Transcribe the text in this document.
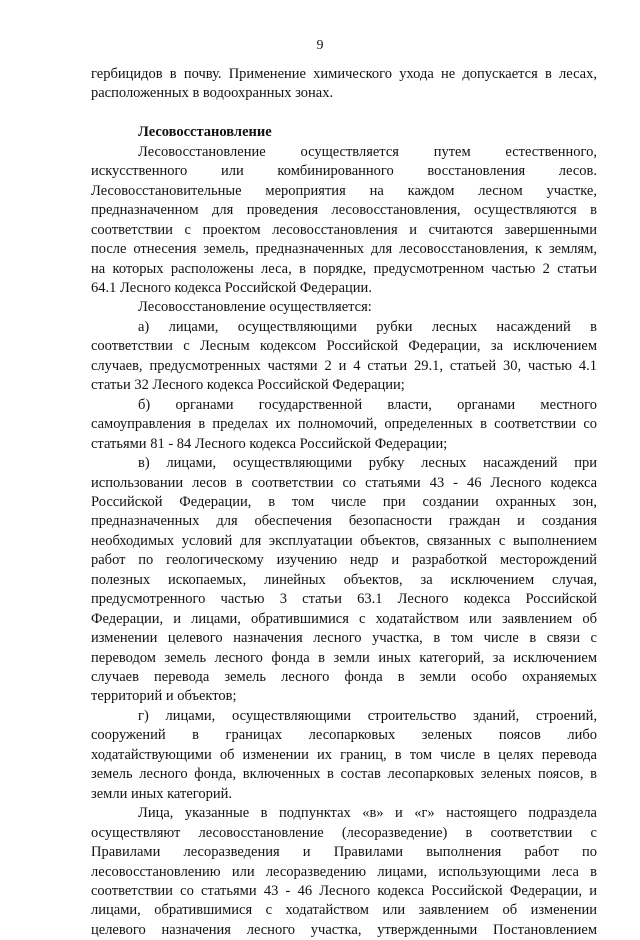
9

гербицидов в почву. Применение химического ухода не допускается в лесах,

расположенных в водоохранных зонах.

Лесовосстановление

Лесовосстановление осуществляется путем естественного,

искусственного или комбинированного восстановления лесов.

Лесовосстановительные мероприятия на каждом лесном участке,

предназначенном для проведения лесовосстановления, осуществляются в

соответствии с проектом лесовосстановления и считаются завершенными

после отнесения земель, предназначенных для лесовосстановления, к землям,

на которых расположены леса, в порядке, предусмотренном частью 2 статьи

64.1 Лесного кодекса Российской Федерации.

Лесовосстановление осуществляется:

а) лицами, осуществляющими рубки лесных насаждений в

соответствии с Лесным кодексом Российской Федерации, за исключением

случаев, предусмотренных частями 2 и 4 статьи 29.1, статьей 30, частью 4.1

статьи 32 Лесного кодекса Российской Федерации;

б) органами государственной власти, органами местного

самоуправления в пределах их полномочий, определенных в соответствии со

статьями 81 - 84 Лесного кодекса Российской Федерации;

в) лицами, осуществляющими рубку лесных насаждений при

использовании лесов в соответствии со статьями 43 - 46 Лесного кодекса

Российской Федерации, в том числе при создании охранных зон,

предназначенных для обеспечения безопасности граждан и создания

необходимых условий для эксплуатации объектов, связанных с выполнением

работ по геологическому изучению недр и разработкой месторождений

полезных ископаемых, линейных объектов, за исключением случая,

предусмотренного частью 3 статьи 63.1 Лесного кодекса Российской

Федерации, и лицами, обратившимися с ходатайством или заявлением об

изменении целевого назначения лесного участка, в том числе в связи с

переводом земель лесного фонда в земли иных категорий, за исключением

случаев перевода земель лесного фонда в земли особо охраняемых

территорий и объектов;

г) лицами, осуществляющими строительство зданий, строений,

сооружений в границах лесопарковых зеленых поясов либо

ходатайствующими об изменении их границ, в том числе в целях перевода

земель лесного фонда, включенных в состав лесопарковых зеленых поясов, в

земли иных категорий.

Лица, указанные в подпунктах «в» и «г» настоящего подраздела

осуществляют лесовосстановление (лесоразведение) в соответствии с

Правилами лесоразведения и Правилами выполнения работ по

лесовосстановлению или лесоразведению лицами, использующими леса в

соответствии со статьями 43 - 46 Лесного кодекса Российской Федерации, и

лицами, обратившимися с ходатайством или заявлением об изменении

целевого назначения лесного участка, утвержденными Постановлением
